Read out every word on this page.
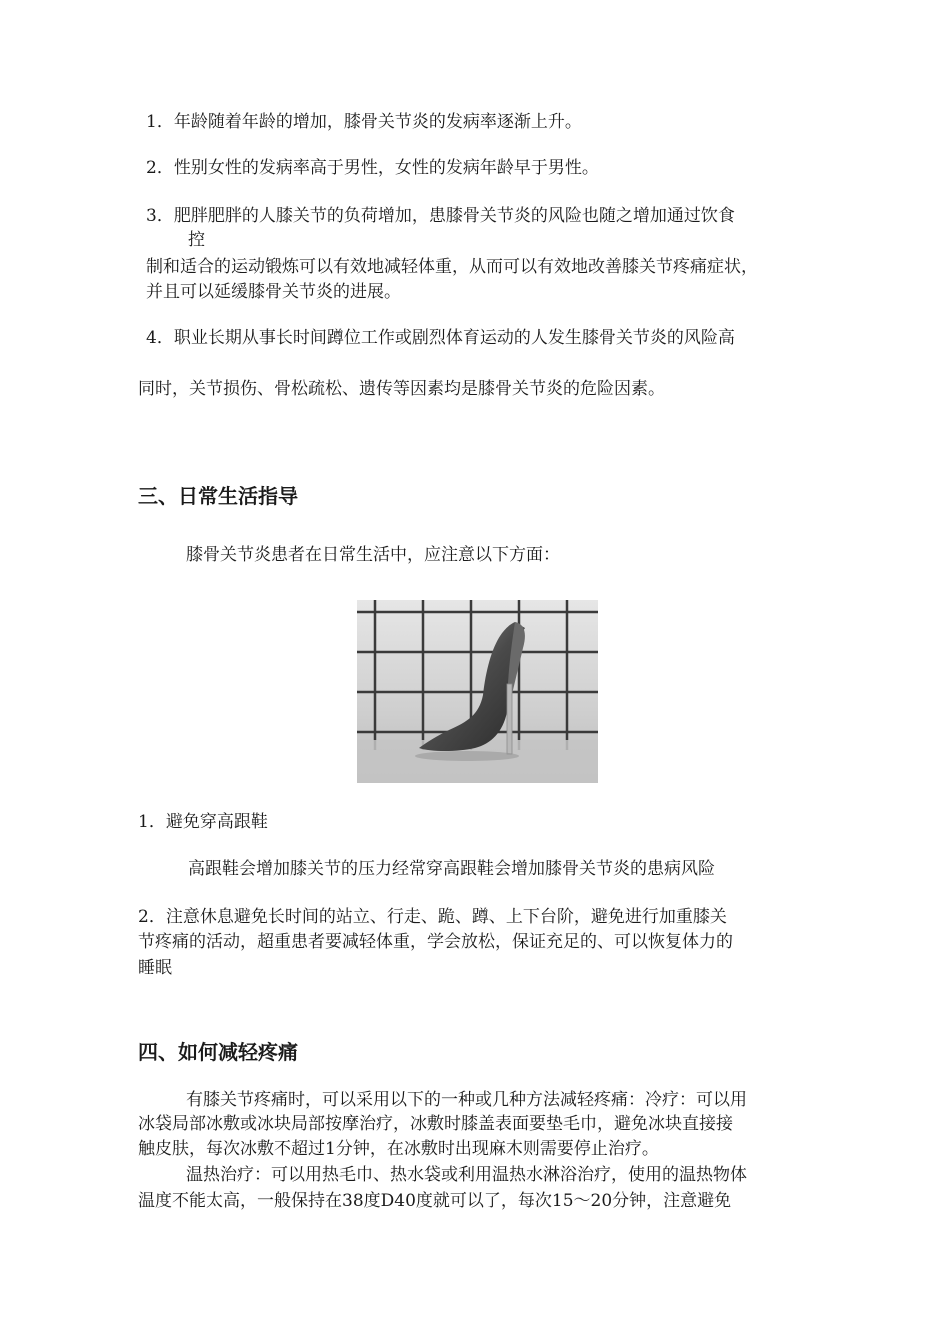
1．年龄随着年龄的增加，膝骨关节炎的发病率逐渐上升。

2．性别女性的发病率高于男性，女性的发病年龄早于男性。

3．肥胖肥胖的人膝关节的负荷增加，患膝骨关节炎的风险也随之增加通过饮食

控

制和适合的运动锻炼可以有效地减轻体重，从而可以有效地改善膝关节疼痛症状，

并且可以延缓膝骨关节炎的进展。

4．职业长期从事长时间蹲位工作或剧烈体育运动的人发生膝骨关节炎的风险高

同时，关节损伤、骨松疏松、遗传等因素均是膝骨关节炎的危险因素。

三、日常生活指导

膝骨关节炎患者在日常生活中，应注意以下方面：

1．避免穿高跟鞋

高跟鞋会增加膝关节的压力经常穿高跟鞋会增加膝骨关节炎的患病风险

2．注意休息避免长时间的站立、行走、跪、蹲、上下台阶，避免进行加重膝关

节疼痛的活动，超重患者要减轻体重，学会放松，保证充足的、可以恢复体力的

睡眠

四、如何减轻疼痛

有膝关节疼痛时，可以采用以下的一种或几种方法减轻疼痛：冷疗：可以用

冰袋局部冰敷或冰块局部按摩治疗，冰敷时膝盖表面要垫毛巾，避免冰块直接接

触皮肤，每次冰敷不超过1分钟，在冰敷时出现麻木则需要停止治疗。

温热治疗：可以用热毛巾、热水袋或利用温热水淋浴治疗，使用的温热物体

温度不能太高，一般保持在38度D40度就可以了，每次15〜20分钟，注意避免
